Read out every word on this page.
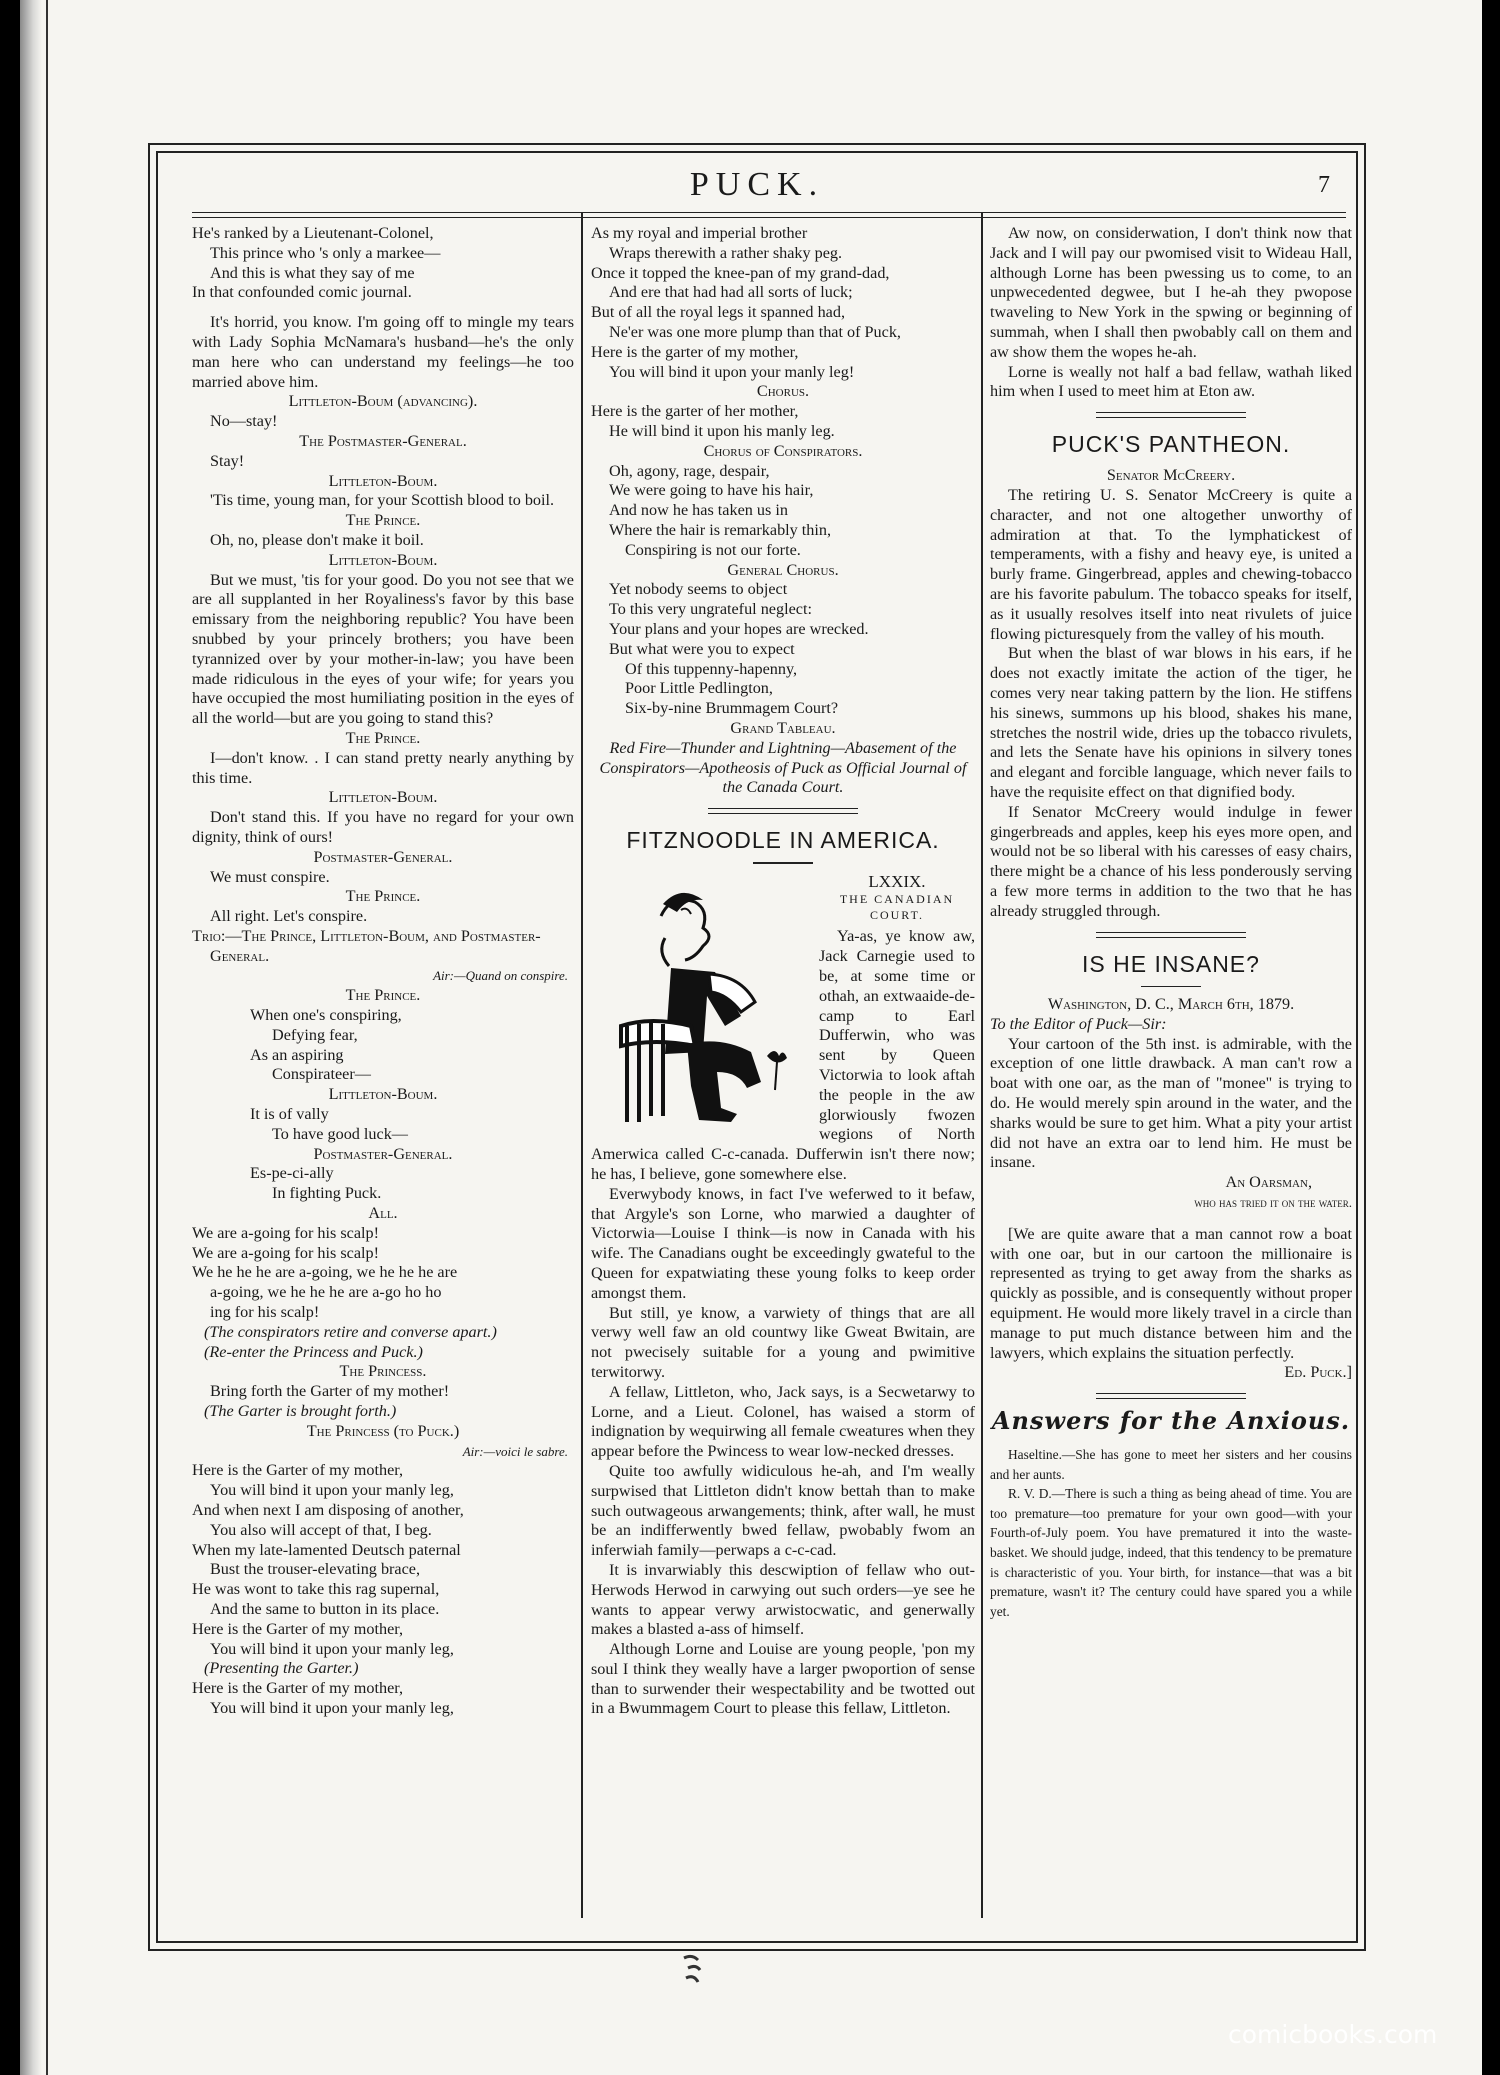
PUCK.	7

He's ranked by a Lieutenant-Colonel,

This prince who 's only a markee—

And this is what they say of me

In that confounded comic journal.

It's horrid, you know. I'm going off to mingle my tears with Lady Sophia McNamara's husband—he's the only man here who can understand my feelings—he too married above him.

Littleton-Boum (advancing).

No—stay!

The Postmaster-General.

Stay!

Littleton-Boum.

'Tis time, young man, for your Scottish blood to boil.

The Prince.

Oh, no, please don't make it boil.

Littleton-Boum.

But we must, 'tis for your good. Do you not see that we are all supplanted in her Royaliness's favor by this base emissary from the neighboring republic? You have been snubbed by your princely brothers; you have been tyrannized over by your mother-in-law; you have been made ridiculous in the eyes of your wife; for years you have occupied the most humiliating position in the eyes of all the world—but are you going to stand this?

The Prince.

I—don't know. . I can stand pretty nearly anything by this time.

Littleton-Boum.

Don't stand this. If you have no regard for your own dignity, think of ours!

Postmaster-General.

We must conspire.

The Prince.

All right. Let's conspire.

Trio:—The Prince, Littleton-Boum, and Postmaster-General.

Air:—Quand on conspire.

The Prince.

When one's conspiring,

Defying fear,

As an aspiring

Conspirateer—

Littleton-Boum.

It is of vally

To have good luck—

Postmaster-General.

Es-pe-ci-ally

In fighting Puck.

All.

We are a-going for his scalp!

We are a-going for his scalp!

We he he he are a-going, we he he he are

a-going, we he he he are a-go ho ho

ing for his scalp!

(The conspirators retire and converse apart.)

(Re-enter the Princess and Puck.)

The Princess.

Bring forth the Garter of my mother!

(The Garter is brought forth.)

The Princess (to Puck.)

Air:—voici le sabre.

Here is the Garter of my mother,

You will bind it upon your manly leg,

And when next I am disposing of another,

You also will accept of that, I beg.

When my late-lamented Deutsch paternal

Bust the trouser-elevating brace,

He was wont to take this rag supernal,

And the same to button in its place.

Here is the Garter of my mother,

You will bind it upon your manly leg,

(Presenting the Garter.)

Here is the Garter of my mother,

You will bind it upon your manly leg,

As my royal and imperial brother

Wraps therewith a rather shaky peg.

Once it topped the knee-pan of my grand-dad,

And ere that had had all sorts of luck;

But of all the royal legs it spanned had,

Ne'er was one more plump than that of Puck,

Here is the garter of my mother,

You will bind it upon your manly leg!

Chorus.

Here is the garter of her mother,

He will bind it upon his manly leg.

Chorus of Conspirators.

Oh, agony, rage, despair,

We were going to have his hair,

And now he has taken us in

Where the hair is remarkably thin,

Conspiring is not our forte.

General Chorus.

Yet nobody seems to object

To this very ungrateful neglect:

Your plans and your hopes are wrecked.

But what were you to expect

Of this tuppenny-hapenny,

Poor Little Pedlington,

Six-by-nine Brummagem Court?

Grand Tableau.

Red Fire—Thunder and Lightning—Abasement of the Conspirators—Apotheosis of Puck as Official Journal of the Canada Court.

FITZNOODLE IN AMERICA.

LXXIX.

THE CANADIAN COURT.

Ya-as, ye know aw, Jack Carnegie used to be, at some time or othah, an extwaaide-de-camp to Earl Dufferwin, who was sent by Queen Victorwia to look aftah the people in the aw glorwiously fwozen wegions of North Amerwica called C-c-canada. Dufferwin isn't there now; he has, I believe, gone somewhere else.

Everwybody knows, in fact I've weferwed to it befaw, that Argyle's son Lorne, who marwied a daughter of Victorwia—Louise I think—is now in Canada with his wife. The Canadians ought be exceedingly gwateful to the Queen for expatwiating these young folks to keep order amongst them.

But still, ye know, a varwiety of things that are all verwy well faw an old countwy like Gweat Bwitain, are not pwecisely suitable for a young and pwimitive terwitorwy.

A fellaw, Littleton, who, Jack says, is a Secwetarwy to Lorne, and a Lieut. Colonel, has waised a storm of indignation by wequirwing all female cweatures when they appear before the Pwincess to wear low-necked dresses.

Quite too awfully widiculous he-ah, and I'm weally surpwised that Littleton didn't know bettah than to make such outwageous arwangements; think, after wall, he must be an indifferwently bwed fellaw, pwobably fwom an inferwiah family—perwaps a c-c-cad.

It is invarwiably this descwiption of fellaw who out-Herwods Herwod in carwying out such orders—ye see he wants to appear verwy arwistocwatic, and generwally makes a blasted a-ass of himself.

Although Lorne and Louise are young people, 'pon my soul I think they weally have a larger pwoportion of sense than to surwender their wespectability and be twotted out in a Bwummagem Court to please this fellaw, Littleton.

Aw now, on considerwation, I don't think now that Jack and I will pay our pwomised visit to Wideau Hall, although Lorne has been pwessing us to come, to an unpwecedented degwee, but I he-ah they pwopose twaveling to New York in the spwing or beginning of summah, when I shall then pwobably call on them and aw show them the wopes he-ah.

Lorne is weally not half a bad fellaw, wathah liked him when I used to meet him at Eton aw.

PUCK'S PANTHEON.

Senator McCreery.

The retiring U. S. Senator McCreery is quite a character, and not one altogether unworthy of admiration at that. To the lymphatickest of temperaments, with a fishy and heavy eye, is united a burly frame. Gingerbread, apples and chewing-tobacco are his favorite pabulum. The tobacco speaks for itself, as it usually resolves itself into neat rivulets of juice flowing picturesquely from the valley of his mouth.

But when the blast of war blows in his ears, if he does not exactly imitate the action of the tiger, he comes very near taking pattern by the lion. He stiffens his sinews, summons up his blood, shakes his mane, stretches the nostril wide, dries up the tobacco rivulets, and lets the Senate have his opinions in silvery tones and elegant and forcible language, which never fails to have the requisite effect on that dignified body.

If Senator McCreery would indulge in fewer gingerbreads and apples, keep his eyes more open, and would not be so liberal with his caresses of easy chairs, there might be a chance of his less ponderously serving a few more terms in addition to the two that he has already struggled through.

IS HE INSANE?

Washington, D. C., March 6th, 1879.

To the Editor of Puck—Sir:

Your cartoon of the 5th inst. is admirable, with the exception of one little drawback. A man can't row a boat with one oar, as the man of "monee" is trying to do. He would merely spin around in the water, and the sharks would be sure to get him. What a pity your artist did not have an extra oar to lend him. He must be insane.

An Oarsman,

who has tried it on the water.

[We are quite aware that a man cannot row a boat with one oar, but in our cartoon the millionaire is represented as trying to get away from the sharks as quickly as possible, and is consequently without proper equipment. He would more likely travel in a circle than manage to put much distance between him and the lawyers, which explains the situation perfectly.

Ed. Puck.]

Answers for the Anxious.

Haseltine.—She has gone to meet her sisters and her cousins and her aunts.

R. V. D.—There is such a thing as being ahead of time. You are too premature—too premature for your own good—with your Fourth-of-July poem. You have prematured it into the waste-basket. We should judge, indeed, that this tendency to be premature is characteristic of you. Your birth, for instance—that was a bit premature, wasn't it? The century could have spared you a while yet.

comicbooks.com
